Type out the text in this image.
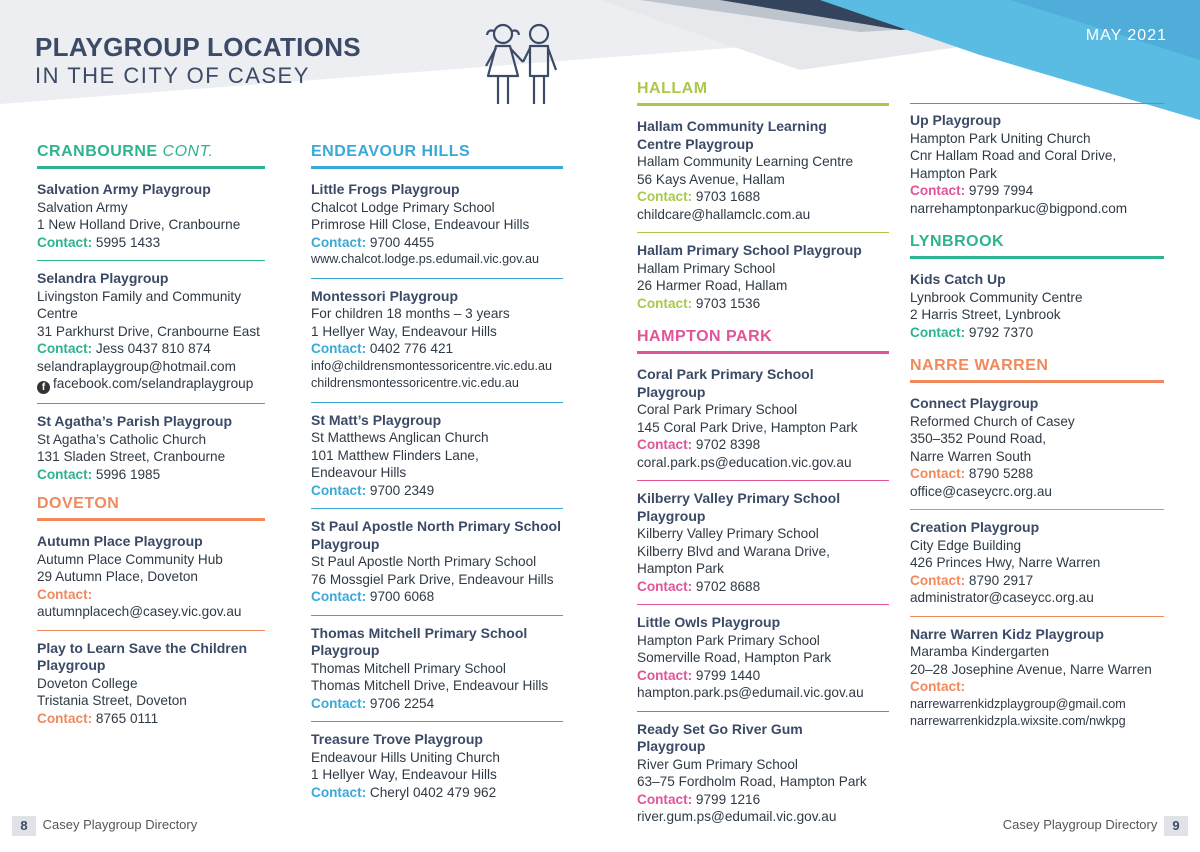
PLAYGROUP LOCATIONS
IN THE CITY OF CASEY
MAY 2021
CRANBOURNE CONT.
Salvation Army Playgroup
Salvation Army
1 New Holland Drive, Cranbourne
Contact: 5995 1433
Selandra Playgroup
Livingston Family and Community Centre
31 Parkhurst Drive, Cranbourne East
Contact: Jess 0437 810 874
selandraplaygroup@hotmail.com
f facebook.com/selandraplaygroup
St Agatha’s Parish Playgroup
St Agatha’s Catholic Church
131 Sladen Street, Cranbourne
Contact: 5996 1985
DOVETON
Autumn Place Playgroup
Autumn Place Community Hub
29 Autumn Place, Doveton
Contact:
autumnplacech@casey.vic.gov.au
Play to Learn Save the Children Playgroup
Doveton College
Tristania Street, Doveton
Contact: 8765 0111
ENDEAVOUR HILLS
Little Frogs Playgroup
Chalcot Lodge Primary School
Primrose Hill Close, Endeavour Hills
Contact: 9700 4455
www.chalcot.lodge.ps.edumail.vic.gov.au
Montessori Playgroup
For children 18 months – 3 years
1 Hellyer Way, Endeavour Hills
Contact: 0402 776 421
info@childrensmontessoricentre.vic.edu.au
childrensmontessoricentre.vic.edu.au
St Matt’s Playgroup
St Matthews Anglican Church
101 Matthew Flinders Lane, Endeavour Hills
Contact: 9700 2349
St Paul Apostle North Primary School Playgroup
St Paul Apostle North Primary School
76 Mossgiel Park Drive, Endeavour Hills
Contact: 9700 6068
Thomas Mitchell Primary School Playgroup
Thomas Mitchell Primary School
Thomas Mitchell Drive, Endeavour Hills
Contact: 9706 2254
Treasure Trove Playgroup
Endeavour Hills Uniting Church
1 Hellyer Way, Endeavour Hills
Contact: Cheryl 0402 479 962
HALLAM
Hallam Community Learning Centre Playgroup
Hallam Community Learning Centre
56 Kays Avenue, Hallam
Contact: 9703 1688
childcare@hallamclc.com.au
Hallam Primary School Playgroup
Hallam Primary School
26 Harmer Road, Hallam
Contact: 9703 1536
HAMPTON PARK
Coral Park Primary School Playgroup
Coral Park Primary School
145 Coral Park Drive, Hampton Park
Contact: 9702 8398
coral.park.ps@education.vic.gov.au
Kilberry Valley Primary School Playgroup
Kilberry Valley Primary School
Kilberry Blvd and Warana Drive, Hampton Park
Contact: 9702 8688
Little Owls Playgroup
Hampton Park Primary School
Somerville Road, Hampton Park
Contact: 9799 1440
hampton.park.ps@edumail.vic.gov.au
Ready Set Go River Gum Playgroup
River Gum Primary School
63–75 Fordholm Road, Hampton Park
Contact: 9799 1216
river.gum.ps@edumail.vic.gov.au
Up Playgroup
Hampton Park Uniting Church
Cnr Hallam Road and Coral Drive, Hampton Park
Contact: 9799 7994
narrehamptonparkuc@bigpond.com
LYNBROOK
Kids Catch Up
Lynbrook Community Centre
2 Harris Street, Lynbrook
Contact: 9792 7370
NARRE WARREN
Connect Playgroup
Reformed Church of Casey
350–352 Pound Road, Narre Warren South
Contact: 8790 5288
office@caseycrc.org.au
Creation Playgroup
City Edge Building
426 Princes Hwy, Narre Warren
Contact: 8790 2917
administrator@caseycc.org.au
Narre Warren Kidz Playgroup
Maramba Kindergarten
20–28 Josephine Avenue, Narre Warren
Contact:
narrewarrenkidzplaygroup@gmail.com
narrewarrenkidzpla.wixsite.com/nwkpg
8 Casey Playgroup Directory	Casey Playgroup Directory 9
